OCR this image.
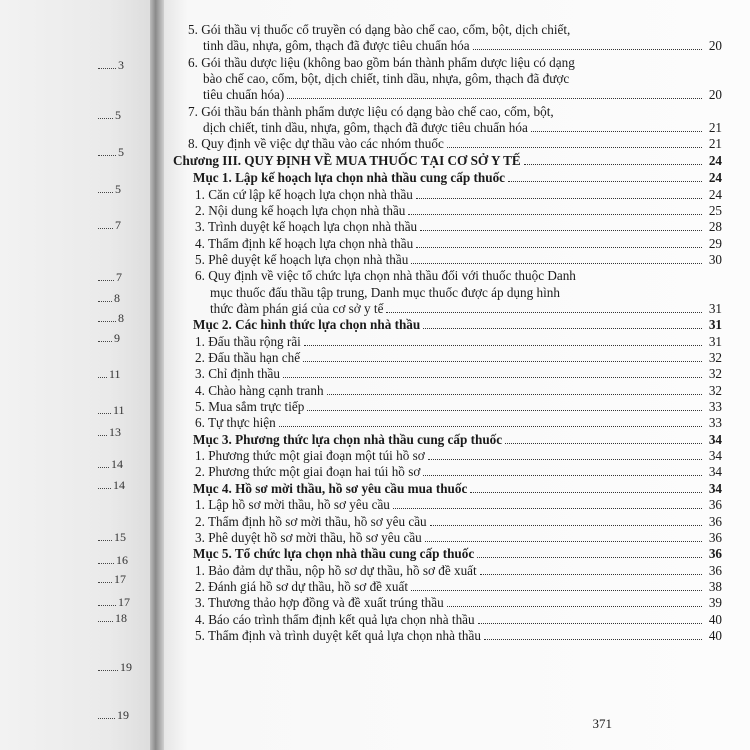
3
5
5
5
7
7
8
8
9
11
11
13
14
14
15
16
17
17
18
19
19
5. Gói thầu vị thuốc cổ truyền có dạng bào chế cao, cốm, bột, dịch chiết,
tinh dầu, nhựa, gôm, thạch đã được tiêu chuẩn hóa	20
6. Gói thầu dược liệu (không bao gồm bán thành phẩm dược liệu có dạng
bào chế cao, cốm, bột, dịch chiết, tinh dầu, nhựa, gôm, thạch đã được
tiêu chuẩn hóa)	20
7. Gói thầu bán thành phẩm dược liệu có dạng bào chế cao, cốm, bột,
dịch chiết, tinh dầu, nhựa, gôm, thạch đã được tiêu chuẩn hóa	21
8. Quy định về việc dự thầu vào các nhóm thuốc	21
Chương III. QUY ĐỊNH VỀ MUA THUỐC TẠI CƠ SỞ Y TẾ	24
Mục 1. Lập kế hoạch lựa chọn nhà thầu cung cấp thuốc	24
1. Căn cứ lập kế hoạch lựa chọn nhà thầu	24
2. Nội dung kế hoạch lựa chọn nhà thầu	25
3. Trình duyệt kế hoạch lựa chọn nhà thầu	28
4. Thẩm định kế hoạch lựa chọn nhà thầu	29
5. Phê duyệt kế hoạch lựa chọn nhà thầu	30
6. Quy định về việc tổ chức lựa chọn nhà thầu đối với thuốc thuộc Danh
mục thuốc đấu thầu tập trung, Danh mục thuốc được áp dụng hình
thức đàm phán giá của cơ sở y tế	31
Mục 2. Các hình thức lựa chọn nhà thầu	31
1. Đấu thầu rộng rãi	31
2. Đấu thầu hạn chế	32
3. Chỉ định thầu	32
4. Chào hàng cạnh tranh	32
5. Mua sắm trực tiếp	33
6. Tự thực hiện	33
Mục 3. Phương thức lựa chọn nhà thầu cung cấp thuốc	34
1. Phương thức một giai đoạn một túi hồ sơ	34
2. Phương thức một giai đoạn hai túi hồ sơ	34
Mục 4. Hồ sơ mời thầu, hồ sơ yêu cầu mua thuốc	34
1. Lập hồ sơ mời thầu, hồ sơ yêu cầu	36
2. Thẩm định hồ sơ mời thầu, hồ sơ yêu cầu	36
3. Phê duyệt hồ sơ mời thầu, hồ sơ yêu cầu	36
Mục 5. Tổ chức lựa chọn nhà thầu cung cấp thuốc	36
1. Bảo đảm dự thầu, nộp hồ sơ dự thầu, hồ sơ đề xuất	36
2. Đánh giá hồ sơ dự thầu, hồ sơ đề xuất	38
3. Thương thảo hợp đồng và đề xuất trúng thầu	39
4. Báo cáo trình thẩm định kết quả lựa chọn nhà thầu	40
5. Thẩm định và trình duyệt kết quả lựa chọn nhà thầu	40
371
